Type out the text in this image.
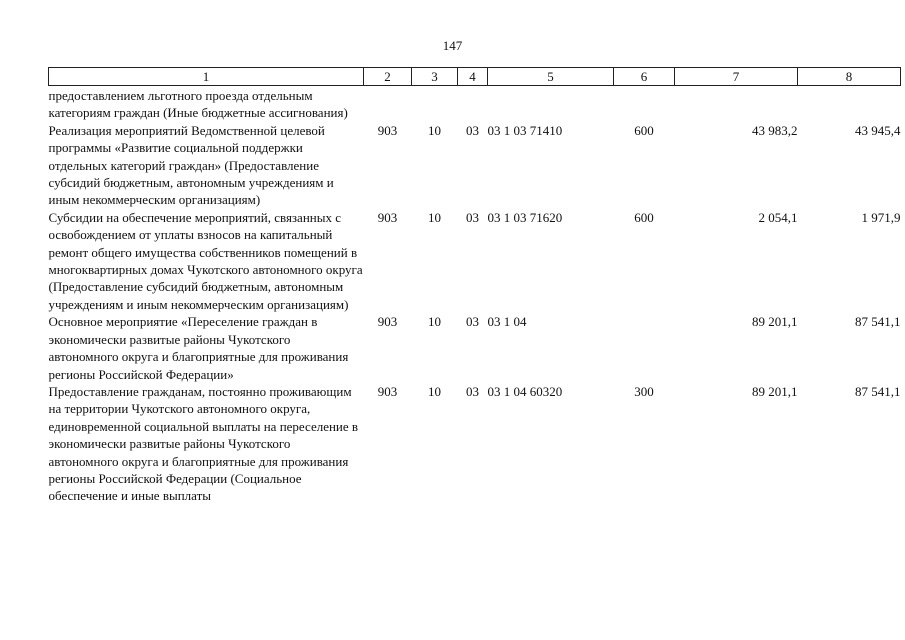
147
1	2	3	4	5	6	7	8
предоставлением льготного проезда отдельным категориям граждан (Иные бюджетные ассигнования)							
Реализация мероприятий Ведомственной целевой программы «Развитие социальной поддержки отдельных категорий граждан» (Предоставление субсидий бюджетным, автономным учреждениям и иным некоммерческим организациям)	903	10	03	03 1 03 71410	600	43 983,2	43 945,4
Субсидии на обеспечение мероприятий, связанных с освобождением от уплаты взносов на капитальный ремонт общего имущества собственников помещений в многоквартирных домах Чукотского автономного округа (Предоставление субсидий бюджетным, автономным учреждениям и иным некоммерческим организациям)	903	10	03	03 1 03 71620	600	2 054,1	1 971,9
Основное мероприятие «Переселение граждан в экономически развитые районы Чукотского автономного округа и благоприятные для проживания регионы Российской Федерации»	903	10	03	03 1 04		89 201,1	87 541,1
Предоставление гражданам, постоянно проживающим на территории Чукотского автономного округа, единовременной социальной выплаты на переселение в экономически развитые районы Чукотского автономного округа и благоприятные для проживания регионы Российской Федерации (Социальное обеспечение и иные выплаты	903	10	03	03 1 04 60320	300	89 201,1	87 541,1
